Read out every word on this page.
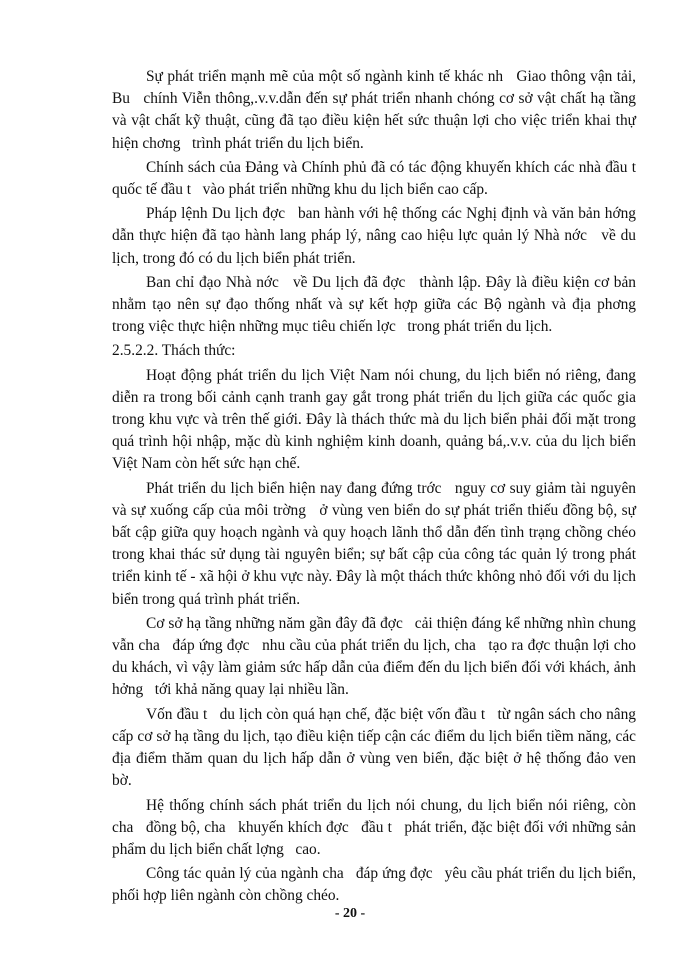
Sự phát triển mạnh mẽ của một số ngành kinh tế khác nh   Giao thông vận tải, Bu   chính Viễn thông,.v.v.dẫn đến sự phát triển nhanh chóng cơ sở vật chất hạ tầng và vật chất kỹ thuật, cũng đã tạo điều kiện hết sức thuận lợi cho việc triển khai thự hiện chơng   trình phát triển du lịch biển.

Chính sách của Đảng và Chính phủ đã có tác động khuyến khích các nhà đầu t   quốc tế đầu t   vào phát triển những khu du lịch biển cao cấp.

Pháp lệnh Du lịch đợc   ban hành với hệ thống các Nghị định và văn bản hớng   dẫn thực hiện đã tạo hành lang pháp lý, nâng cao hiệu lực quản lý Nhà nớc   về du lịch, trong đó có du lịch biển phát triển.

Ban chỉ đạo Nhà nớc   về Du lịch đã đợc   thành lập. Đây là điều kiện cơ bản nhằm tạo nên sự đạo thống nhất và sự kết hợp giữa các Bộ ngành và địa phơng   trong việc thực hiện những mục tiêu chiến lợc   trong phát triển du lịch.

2.5.2.2. Thách thức:

Hoạt động phát triển du lịch Việt Nam nói chung, du lịch biển nó riêng, đang diễn ra trong bối cảnh cạnh tranh gay gắt trong phát triển du lịch giữa các quốc gia trong khu vực và trên thế giới. Đây là thách thức mà du lịch biển phải đối mặt trong quá trình hội nhập, mặc dù kinh nghiệm kinh doanh, quảng bá,.v.v. của du lịch biển Việt Nam còn hết sức hạn chế.

Phát triển du lịch biển hiện nay đang đứng trớc   nguy cơ suy giảm tài nguyên và sự xuống cấp của môi trờng   ở vùng ven biển do sự phát triển thiếu đồng bộ, sự bất cập giữa quy hoạch ngành và quy hoạch lãnh thổ dẫn đến tình trạng chồng chéo trong khai thác sử dụng tài nguyên biển; sự bất cập của công tác quản lý trong phát triển kinh tế - xã hội ở khu vực này. Đây là một thách thức không nhỏ đối với du lịch biển trong quá trình phát triển.

Cơ sở hạ tầng những năm gần đây đã đợc   cải thiện đáng kể những nhìn chung vẫn cha   đáp ứng đợc   nhu cầu của phát triển du lịch, cha   tạo ra đợc thuận lợi cho du khách, vì vậy làm giảm sức hấp dẫn của điểm đến du lịch biển đối với khách, ảnh hởng   tới khả năng quay lại nhiều lần.

Vốn đầu t   du lịch còn quá hạn chế, đặc biệt vốn đầu t   từ ngân sách cho nâng cấp cơ sở hạ tầng du lịch, tạo điều kiện tiếp cận các điểm du lịch biển tiềm năng, các địa điểm thăm quan du lịch hấp dẫn ở vùng ven biển, đặc biệt ở hệ thống đảo ven bờ.

Hệ thống chính sách phát triển du lịch nói chung, du lịch biển nói riêng, còn cha   đồng bộ, cha   khuyến khích đợc   đầu t   phát triển, đặc biệt đối với những sản phẩm du lịch biển chất lợng   cao.

Công tác quản lý của ngành cha   đáp ứng đợc   yêu cầu phát triển du lịch biển, phối hợp liên ngành còn chồng chéo.

- 20 -
